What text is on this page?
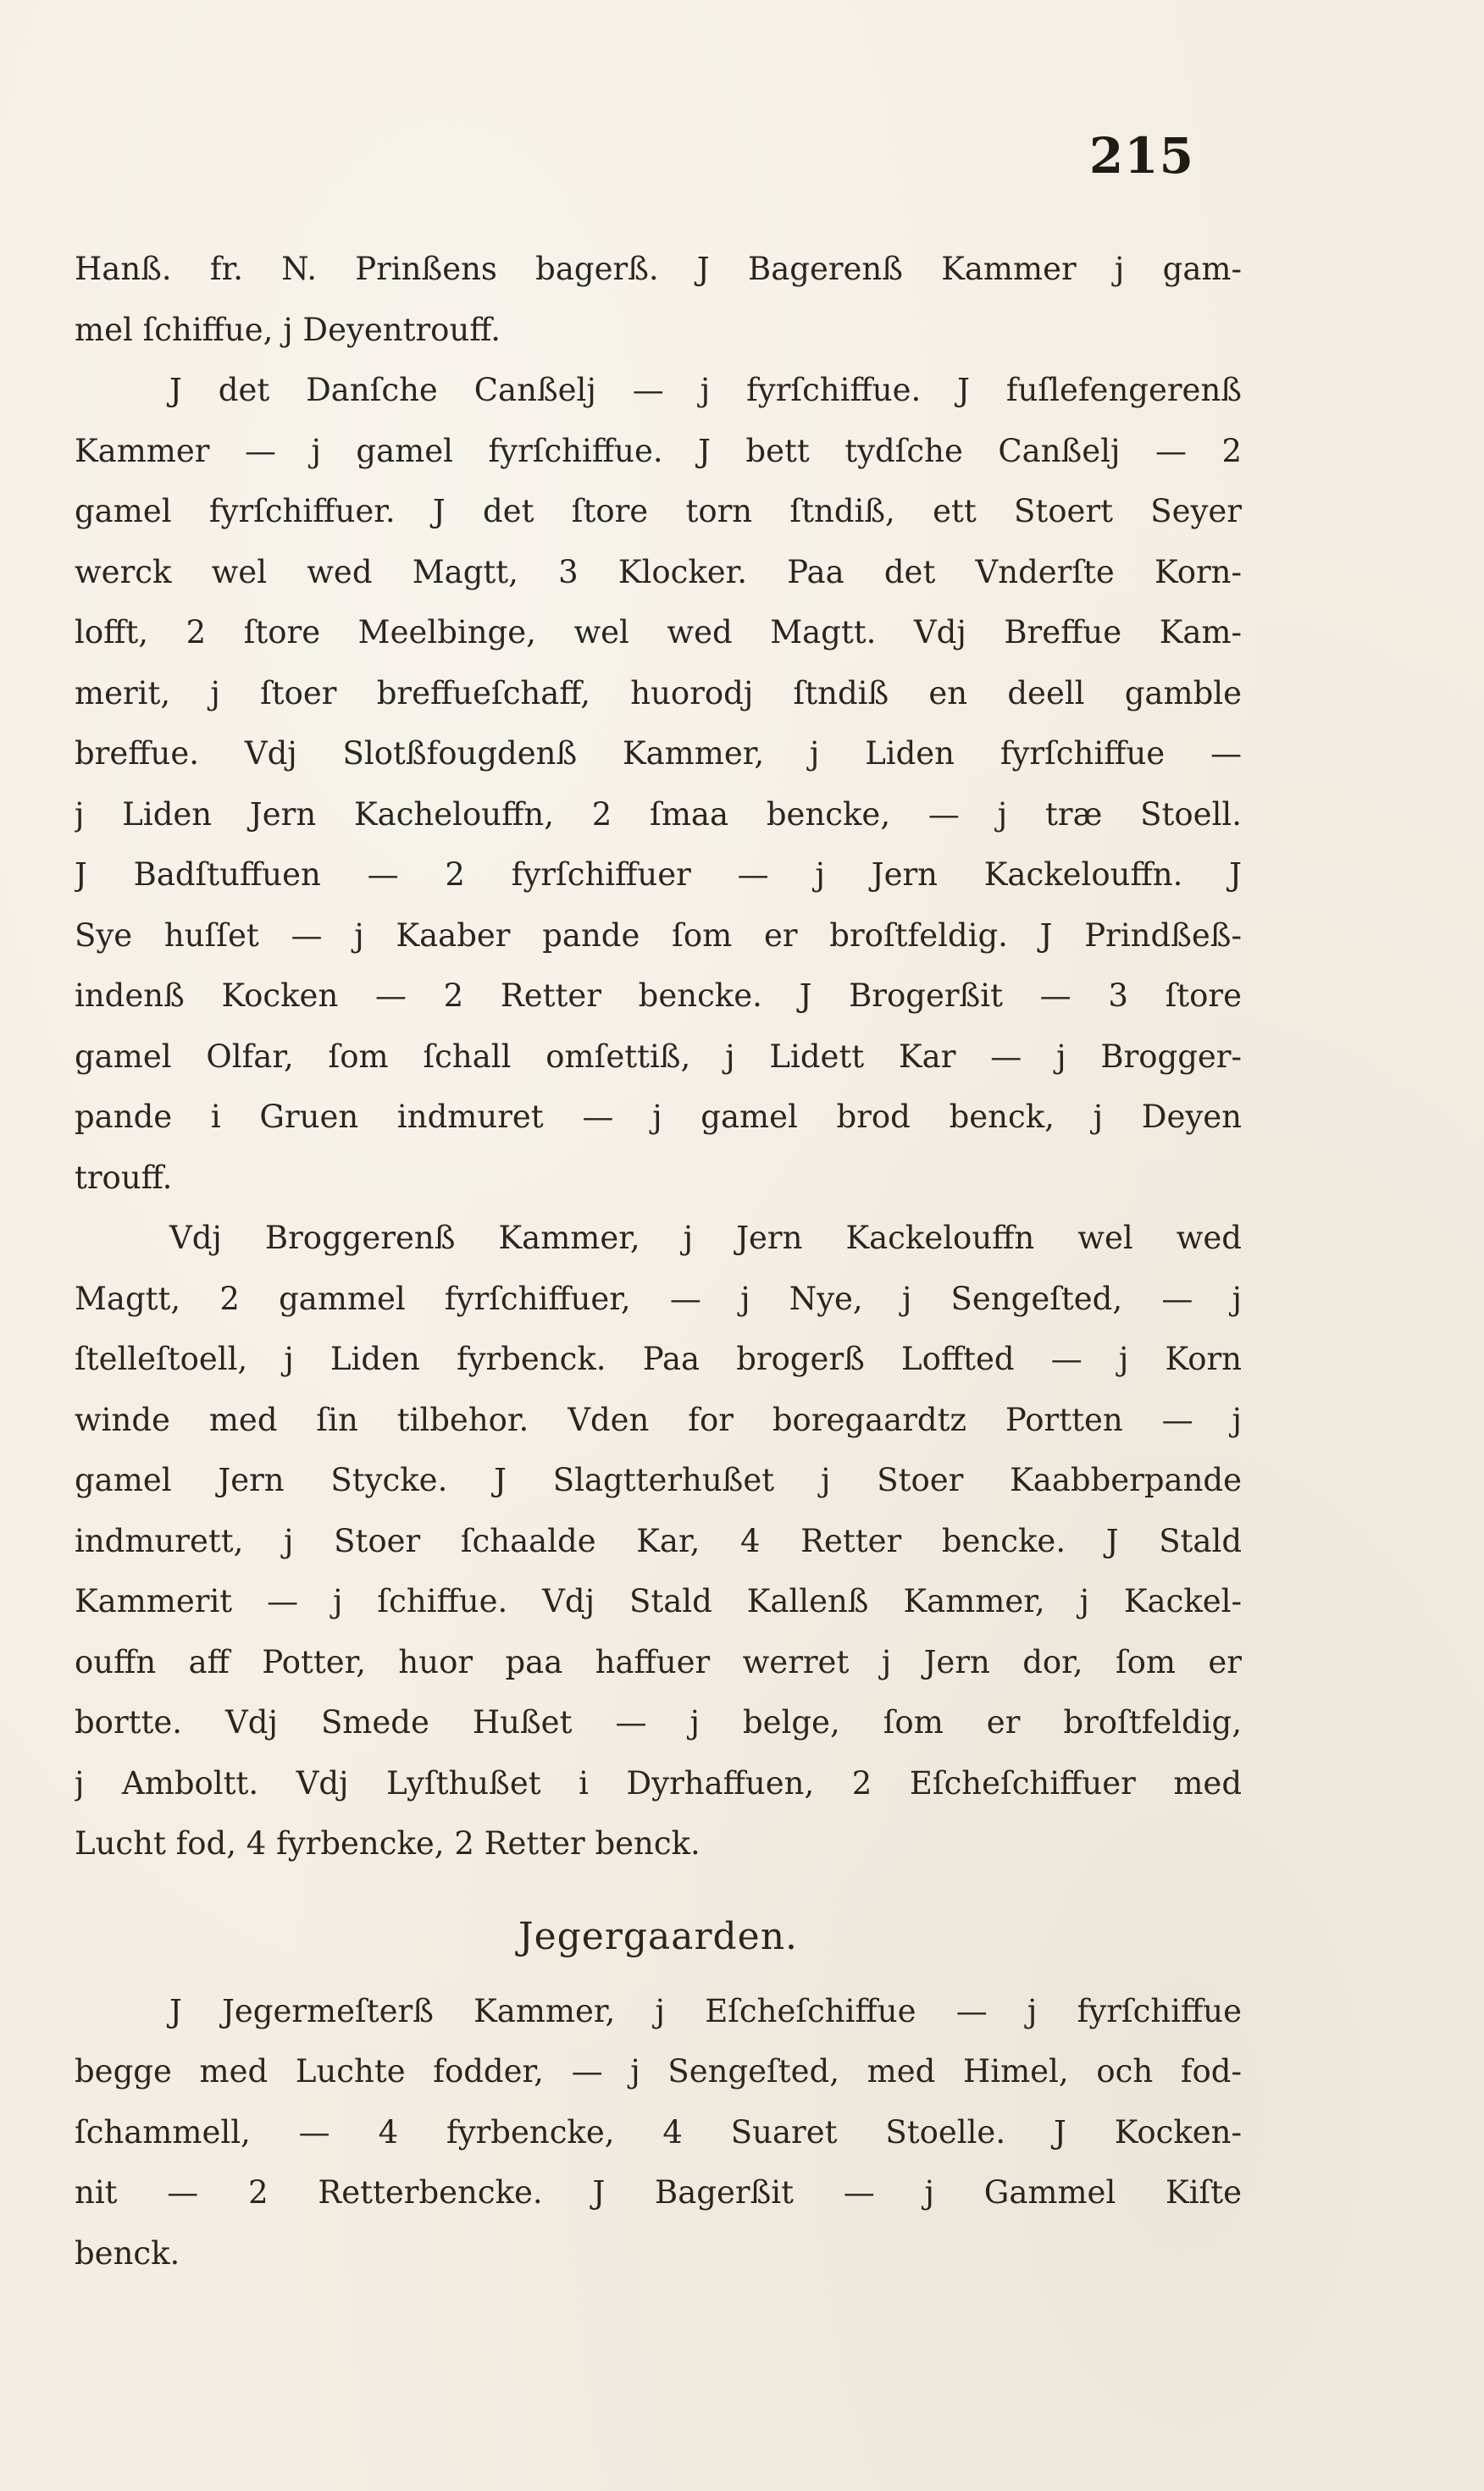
215
Hanß. fr. N. Prinßens bagerß. J Bagerenß Kammer j gam-
mel ſchiffue, j Deyentrouff.
J det Danſche Canßelj — j fyrſchiffue. J fuſlefengerenß
Kammer — j gamel fyrſchiffue. J bett tydſche Canßelj — 2
gamel fyrſchiffuer. J det ſtore torn ſtndiß, ett Stoert Seyer
werck wel wed Magtt, 3 Klocker. Paa det Vnderſte Korn-
lofft, 2 ſtore Meelbinge, wel wed Magtt. Vdj Breffue Kam-
merit, j ſtoer breffueſchaff, huorodj ſtndiß en deell gamble
breffue. Vdj Slotßfougdenß Kammer, j Liden fyrſchiffue —
j Liden Jern Kachelouffn, 2 ſmaa bencke, — j træ Stoell.
J Badſtuffuen — 2 fyrſchiffuer — j Jern Kackelouffn. J
Sye huſſet — j Kaaber pande ſom er broſtfeldig. J Prindßeß-
indenß Kocken — 2 Retter bencke. J Brogerßit — 3 ſtore
gamel Olfar, ſom ſchall omſettiß, j Lidett Kar — j Brogger-
pande i Gruen indmuret — j gamel brod benck, j Deyen
trouff.
Vdj Broggerenß Kammer, j Jern Kackelouffn wel wed
Magtt, 2 gammel fyrſchiffuer, — j Nye, j Sengeſted, — j
ſtelleſtoell, j Liden fyrbenck. Paa brogerß Loffted — j Korn
winde med ſin tilbehor. Vden for boregaardtz Portten — j
gamel Jern Stycke. J Slagtterhußet j Stoer Kaabberpande
indmurett, j Stoer ſchaalde Kar, 4 Retter bencke. J Stald
Kammerit — j ſchiffue. Vdj Stald Kallenß Kammer, j Kackel-
ouffn aff Potter, huor paa haffuer werret j Jern dor, ſom er
bortte. Vdj Smede Hußet — j belge, ſom er broſtfeldig,
j Amboltt. Vdj Lyſthußet i Dyrhaffuen, 2 Eſcheſchiffuer med
Lucht fod, 4 fyrbencke, 2 Retter benck.
Jegergaarden.
J Jegermeſterß Kammer, j Eſcheſchiffue — j fyrſchiffue
begge med Luchte fodder, — j Sengeſted, med Himel, och fod-
ſchammell, — 4 fyrbencke, 4 Suaret Stoelle. J Kocken-
nit — 2 Retterbencke. J Bagerßit — j Gammel Kiſte
benck.
